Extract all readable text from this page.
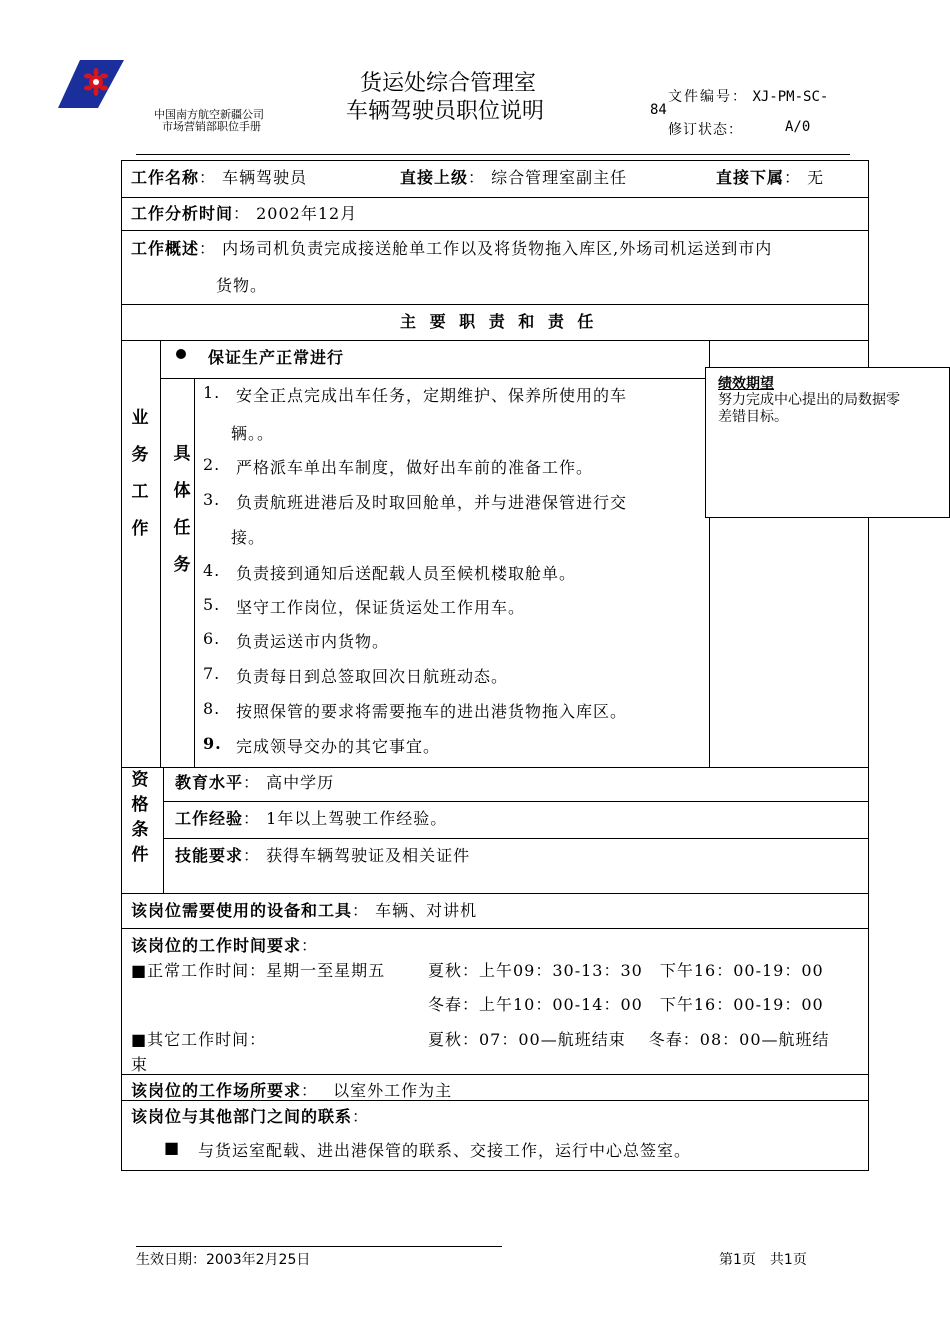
中国南方航空新疆公司
市场营销部职位手册
货运处综合管理室
车辆驾驶员职位说明
文件编号： XJ-PM-SC-
84
修订状态：	A/0
工作名称： 车辆驾驶员	直接上级： 综合管理室副主任	直接下属： 无
工作分析时间： 2002年12月
工作概述： 内场司机负责完成接送舱单工作以及将货物拖入库区,外场司机运送到市内
货物。
主 要 职 责 和 责 任
业
务
工
作
具
体
任
务
保证生产正常进行
1. 安全正点完成出车任务，定期维护、保养所使用的车
辆。。
2. 严格派车单出车制度，做好出车前的准备工作。
3. 负责航班进港后及时取回舱单，并与进港保管进行交
接。
4. 负责接到通知后送配载人员至候机楼取舱单。
5. 坚守工作岗位，保证货运处工作用车。
6. 负责运送市内货物。
7. 负责每日到总签取回次日航班动态。
8. 按照保管的要求将需要拖车的进出港货物拖入库区。
9. 完成领导交办的其它事宜。
绩效期望
努力完成中心提出的局数据零
差错目标。
资
格
条
件
教育水平： 高中学历
工作经验： 1年以上驾驶工作经验。
技能要求： 获得车辆驾驶证及相关证件
该岗位需要使用的设备和工具： 车辆、对讲机
该岗位的工作时间要求：
■正常工作时间：星期一至星期五	夏秋：上午09：30-13：30　下午16：00-19：00
冬春：上午10：00-14：00　下午16：00-19：00
■其它工作时间：	夏秋：07：00—航班结束　 冬春：08：00—航班结
束
该岗位的工作场所要求：　 以室外工作为主
该岗位与其他部门之间的联系：
■ 与货运室配载、进出港保管的联系、交接工作，运行中心总签室。
生效日期：2003年2月25日	第1页　共1页
